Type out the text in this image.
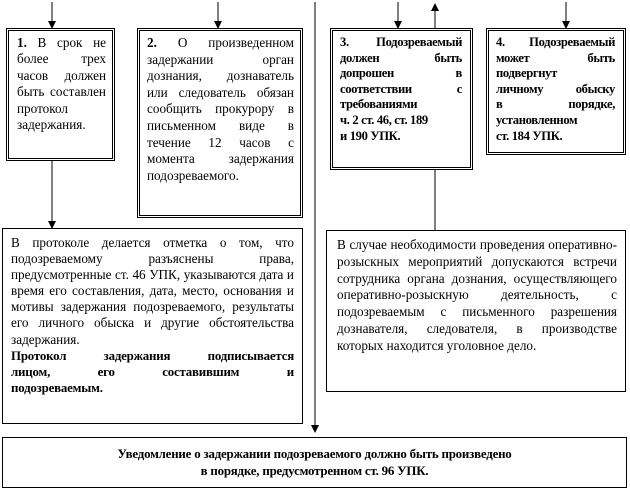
1. В срок не более трех часов должен быть составлен протокол задержания.
2. О произведенном задержании орган дознания, дознаватель или следователь обязан сообщить прокурору в письменном виде в течение 12 часов с момента задержания подозреваемого.

3. Подозреваемый

должен быть

допрошен в

соответствии с

требованиями

ч. 2 ст. 46, ст. 189

и 190 УПК.

4. Подозреваемый

может быть

подвергнут

личному обыску

в порядке,

установленном

ст. 184 УПК.

В протоколе делается отметка о том, что подозреваемому разъяснены права, предусмотренные ст. 46 УПК, указываются дата и время его составления, дата, место, основания и мотивы задержания подозреваемого, результаты его личного обыска и другие обстоятельства задержания.

Протокол задержания подписывается

лицом, его составившим и

подозреваемым.

В случае необходимости проведения оперативно-розыскных мероприятий допускаются встречи сотрудника органа дознания, осуществляющего оперативно-розыскную деятельность, с подозреваемым с письменного разрешения дознавателя, следователя, в производстве которых находится уголовное дело.

Уведомление о задержании подозреваемого должно быть произведено

в порядке, предусмотренном ст. 96 УПК.
